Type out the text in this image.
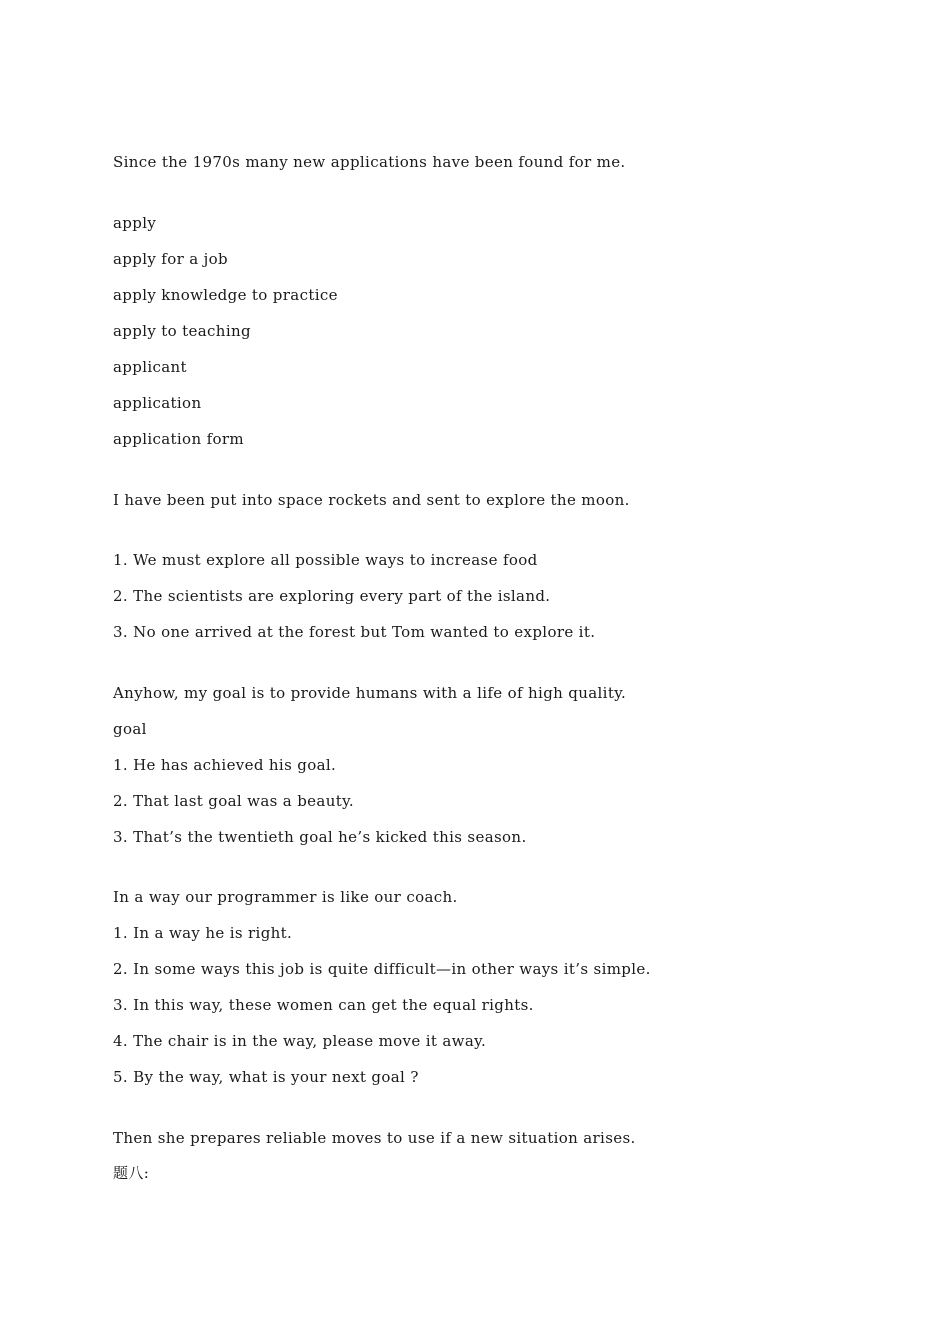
Since the 1970s many new applications have been found for me.
apply
apply for a job
apply knowledge to practice
apply to teaching
applicant
application
application form
I have been put into space rockets and sent to explore the moon.
1. We must explore all possible ways to increase food
2. The scientists are exploring every part of the island.
3. No one arrived at the forest but Tom wanted to explore it.
Anyhow, my goal is to provide humans with a life of high quality.
goal
1. He has achieved his goal.
2. That last goal was a beauty.
3. That’s the twentieth goal he’s kicked this season.
In a way our programmer is like our coach.
1. In a way he is right.
2. In some ways this job is quite difficult—in other ways it’s simple.
3. In this way, these women can get the equal rights.
4. The chair is in the way, please move it away.
5. By the way, what is your next goal ?
Then she prepares reliable moves to use if a new situation arises.
题八:
